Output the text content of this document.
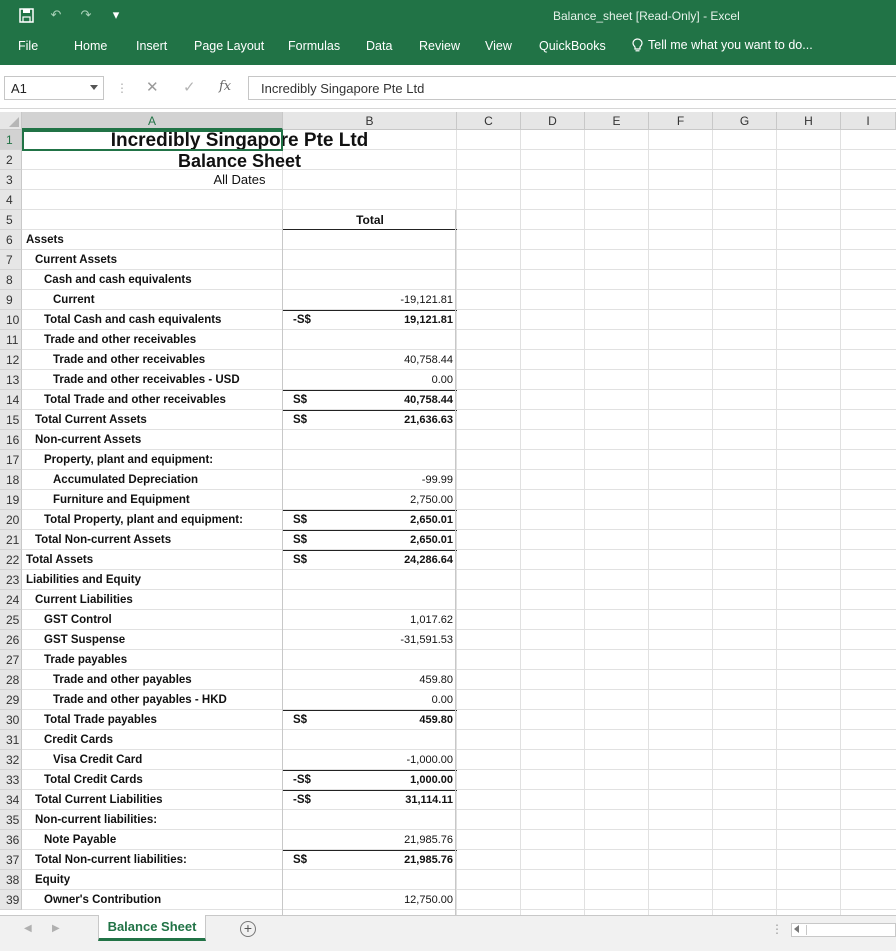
↶	↷	▾	Balance_sheet [Read-Only] - Excel
File	Home Insert Page Layout Formulas Data Review View QuickBooks	Tell me what you want to do...
A1	⋮ ✕ ✓ fx	Incredibly Singapore Pte Ltd
A	B	C	D	E	F	G	H	I
1	Incredibly Singapore Pte Ltd
2	Balance Sheet
3	All Dates
4
5	Total
6	Assets
7	Current Assets
8	Cash and cash equivalents
9	Current	-19,121.81
10 Total Cash and cash equivalents	-S$	19,121.81
11	Trade and other receivables
12	Trade and other receivables	40,758.44
13	Trade and other receivables - USD	0.00
14 Total Trade and other receivables	S$	40,758.44
15 Total Current Assets	S$	21,636.63
16 Non-current Assets
17 Property, plant and equipment:
18	Accumulated Depreciation	-99.99
19	Furniture and Equipment	2,750.00
20 Total Property, plant and equipment:	S$	2,650.01
21 Total Non-current Assets	S$	2,650.01
22 Total Assets	S$	24,286.64
23 Liabilities and Equity
24 Current Liabilities
25 GST Control	1,017.62
26 GST Suspense	-31,591.53
27 Trade payables
28	Trade and other payables	459.80
29	Trade and other payables - HKD	0.00
30 Total Trade payables	S$	459.80
31 Credit Cards
32	Visa Credit Card	-1,000.00
33 Total Credit Cards	-S$	1,000.00
34 Total Current Liabilities	-S$	31,114.11
35 Non-current liabilities:
36 Note Payable	21,985.76
37 Total Non-current liabilities:	S$	21,985.76
38 Equity
39 Owner's Contribution	12,750.00
◀ ▶	Balance Sheet	+	⋮
